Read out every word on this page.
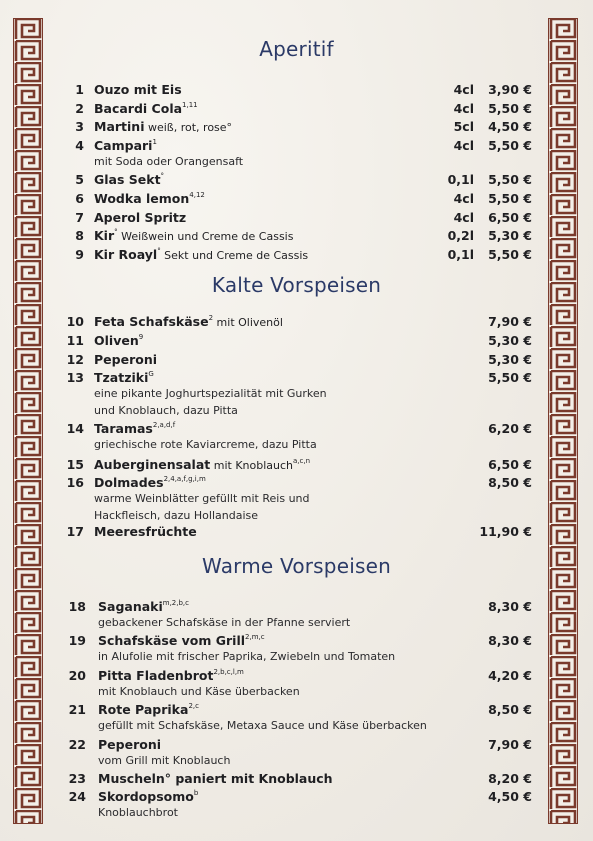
Aperitif
1 Ouzo mit Eis	4cl	3,90 €
2 Bacardi Cola$^{1,11}$	4cl	5,50 €
3 Martini weiß, rot, rose°	5cl	4,50 €
4 Campari$^1$	4cl	5,50 €
mit Soda oder Orangensaft
5 Glas Sekt°	0,1l	5,50 €
6 Wodka lemon$^{4,12}$	4cl	5,50 €
7 Aperol Spritz	4cl	6,50 €
8 Kir° Weißwein und Creme de Cassis	0,2l	5,30 €
9 Kir Roayl° Sekt und Creme de Cassis	0,1l	5,50 €
Kalte Vorspeisen
10 Feta Schafskäse$^2$ mit Olivenöl	7,90 €
11 Oliven$^9$	5,30 €
12 Peperoni	5,30 €
13 Tzatziki$^G$	5,50 €
eine pikante Joghurtspezialität mit Gurken
und Knoblauch, dazu Pitta
14 Taramas$^{2,a,d,f}$	6,20 €
griechische rote Kaviarcreme, dazu Pitta
15 Auberginensalat mit Knoblauch$^{a,c,n}$	6,50 €
16 Dolmades$^{2,4,a,f,g,i,m}$	8,50 €
warme Weinblätter gefüllt mit Reis und
Hackfleisch, dazu Hollandaise
17 Meeresfrüchte	11,90 €
Warme Vorspeisen
18 Saganaki$^{m,2,b,c}$	8,30 €
gebackener Schafskäse in der Pfanne serviert
19 Schafskäse vom Grill$^{2,m,c}$	8,30 €
in Alufolie mit frischer Paprika, Zwiebeln und Tomaten
20 Pitta Fladenbrot$^{2,b,c,l,m}$	4,20 €
mit Knoblauch und Käse überbacken
21 Rote Paprika$^{2,c}$	8,50 €
gefüllt mit Schafskäse, Metaxa Sauce und Käse überbacken
22 Peperoni	7,90 €
vom Grill mit Knoblauch
23 Muscheln° paniert mit Knoblauch	8,20 €
24 Skordopsomo$^b$	4,50 €
Knoblauchbrot
